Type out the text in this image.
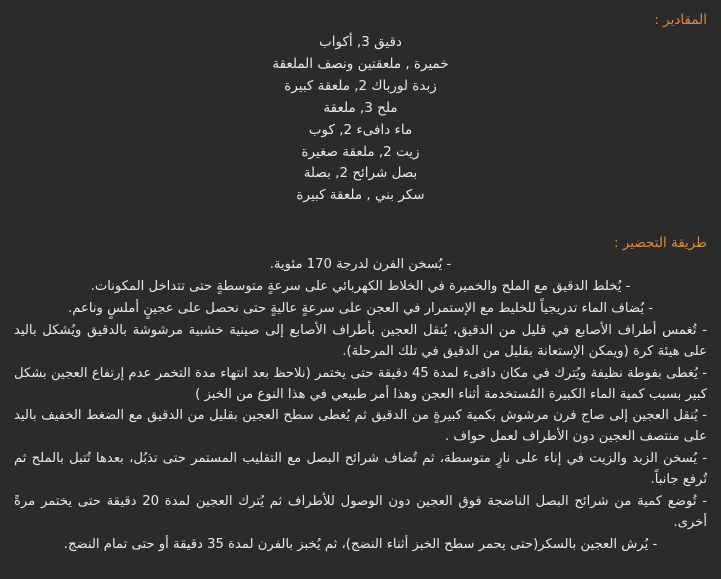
المقادير :
دقيق 3, أكواب
خميرة , ملعقتين ونصف الملعقة
زبدة لورباك 2, ملعقة كبيرة
ملح 3, ملعقة
ماء دافىء 2, كوب
زيت 2, ملعقة صغيرة
بصل شرائح 2, بصلة
سكر بني , ملعقة كبيرة
طريقة التحضير :
- يُسخن الفرن لدرجة 170 مئوية.
- يُخلط الدقيق مع الملح والخميرة في الخلاط الكهربائي على سرعةٍ متوسطةٍ حتى تتداخل المكونات.
- يُضاف الماء تدريجياً للخليط مع الإستمرار في العجن على سرعةٍ عاليةٍ حتى نحصل على عجينٍ أملسٍ وناعم.
- تُغمس أطراف الأصابع في قليل من الدقيق، يُنقل العجين بأطراف الأصابع إلى صينية خشبية مرشوشة بالدقيق ويُشكل باليد على هيئة كرة (ويمكن الإستعانة بقليل من الدقيق في تلك المرحلة).
- يُغطى بفوطة نظيفة ويُترك في مكان دافىء لمدة 45 دقيقة حتى يختمر (نلاحظ بعد انتهاء مدة التخمر عدم إرتفاع العجين بشكل كبير بسبب كمية الماء الكبيرة المُستخدمة أثناء العجن وهذا أمر طبيعي في هذا النوع من الخبز )
- يُنقل العجين إلى صاج فرن مرشوش بكمية كبيرةٍ من الدقيق ثم يُغطى سطح العجين بقليل من الدقيق مع الضغط الخفيف باليد على منتصف العجين دون الأطراف لعمل حواف .
- يُسخن الزبد والزيت في إناء على نارٍ متوسطة، ثم تُضاف شرائح البصل مع التقليب المستمر حتى تذبُل، بعدها تُتبل بالملح ثم تُرفع جانباً.
- تُوضع كمية من شرائح البصل الناضجة فوق العجين دون الوصول للأطراف ثم يُترك العجين لمدة 20 دقيقة حتى يختمر مرةً أخرى.
- يُرش العجين بالسكر(حتى يحمر سطح الخبز أثناء النضج)، ثم يُخبز بالفرن لمدة 35 دقيقة أو حتى تمام النضج.
